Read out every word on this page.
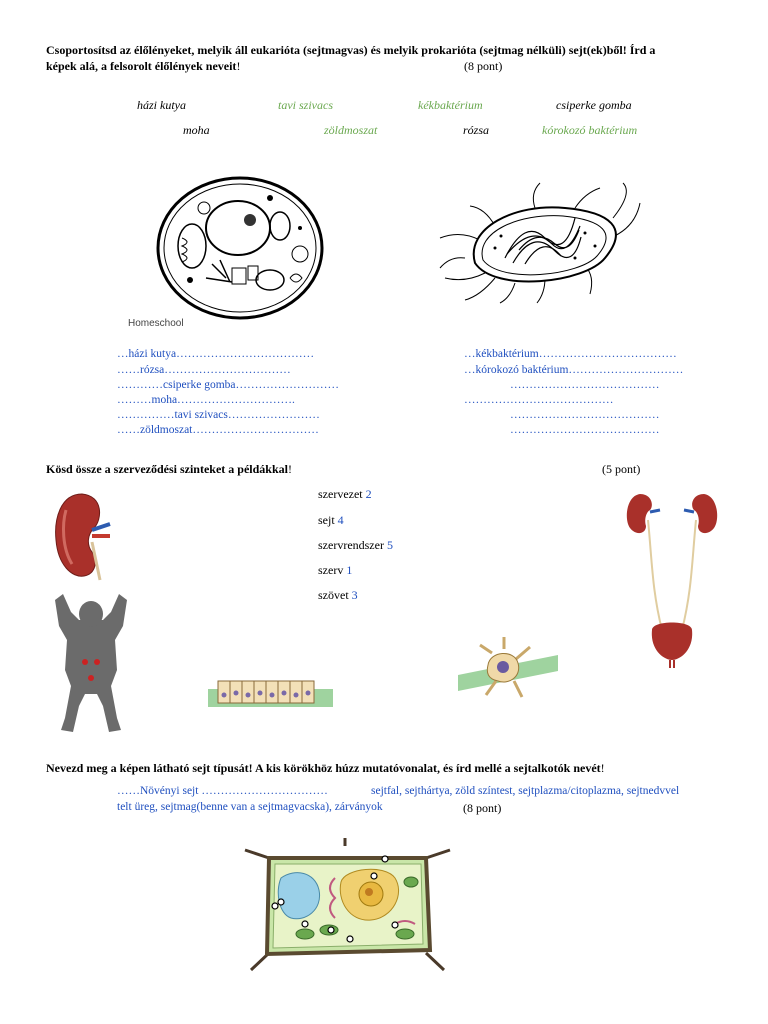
Csoportosítsd az élőlényeket, melyik áll eukarióta (sejtmagvas) és melyik prokarióta (sejtmag nélküli) sejt(ek)ből! Írd a
képek alá, a felsorolt élőlények neveit!	(8 pont)
házi kutya	tavi szivacs	kékbaktérium	csiperke gomba
moha	zöldmoszat	rózsa	kórokozó baktérium
Homeschool
…házi kutya………………………………
……rózsa……………………………
…………csiperke gomba………………………
………moha………………………….
……………tavi szivacs……………………
……zöldmoszat……………………………
…kékbaktérium………………………………
…kórokozó baktérium…………………………
…………………………………
…………………………………
…………………………………
…………………………………
Kösd össze a szerveződési szinteket a példákkal!	(5 pont)
szervezet 2
sejt 4
szervrendszer 5
szerv 1
szövet 3
Nevezd meg a képen látható sejt típusát! A kis körökhöz húzz mutatóvonalat, és írd mellé a sejtalkotók nevét!
……Növényi sejt ……………………………	sejtfal, sejthártya, zöld színtest, sejtplazma/citoplazma, sejtnedvvel
telt üreg, sejtmag(benne van a sejtmagvacska), zárványok	(8 pont)
